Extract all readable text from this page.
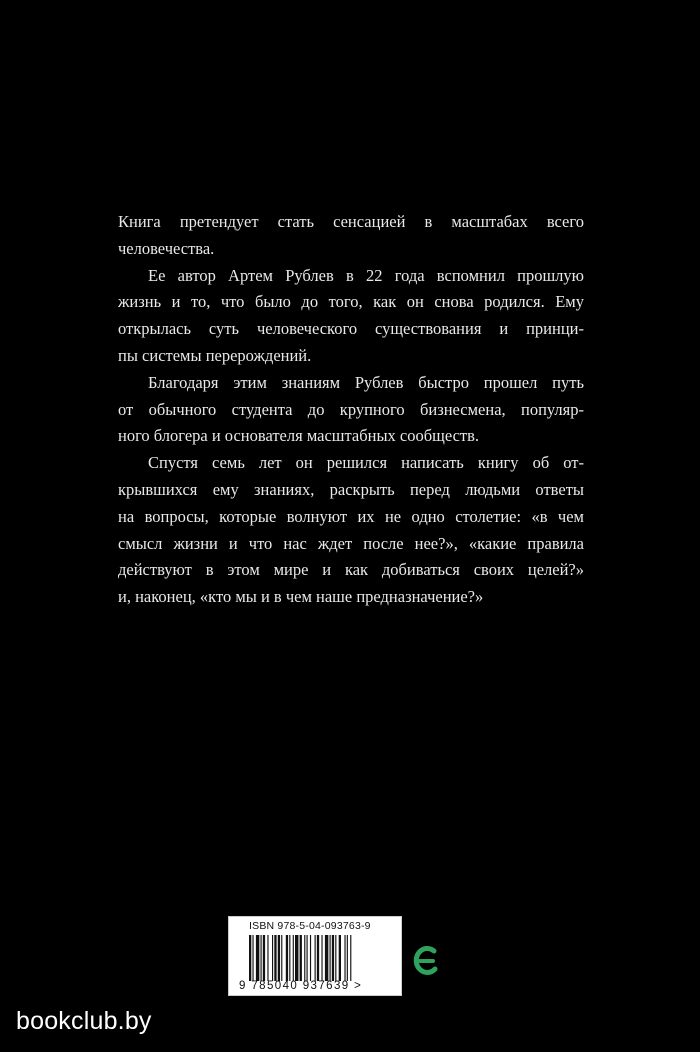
Книга претендует стать сенсацией в масштабах всего
человечества.
Ее автор Артем Рублев в 22 года вспомнил прошлую
жизнь и то, что было до того, как он снова родился. Ему
открылась суть человеческого существования и принци-
пы системы перерождений.
Благодаря этим знаниям Рублев быстро прошел путь
от обычного студента до крупного бизнесмена, популяр-
ного блогера и основателя масштабных сообществ.
Спустя семь лет он решился написать книгу об от-
крывшихся ему знаниях, раскрыть перед людьми ответы
на вопросы, которые волнуют их не одно столетие: «в чем
смысл жизни и что нас ждет после нее?», «какие правила
действуют в этом мире и как добиваться своих целей?»
и, наконец, «кто мы и в чем наше предназначение?»
ISBN 978-5-04-093763-9
9 785040 937639 >
bookclub.by
